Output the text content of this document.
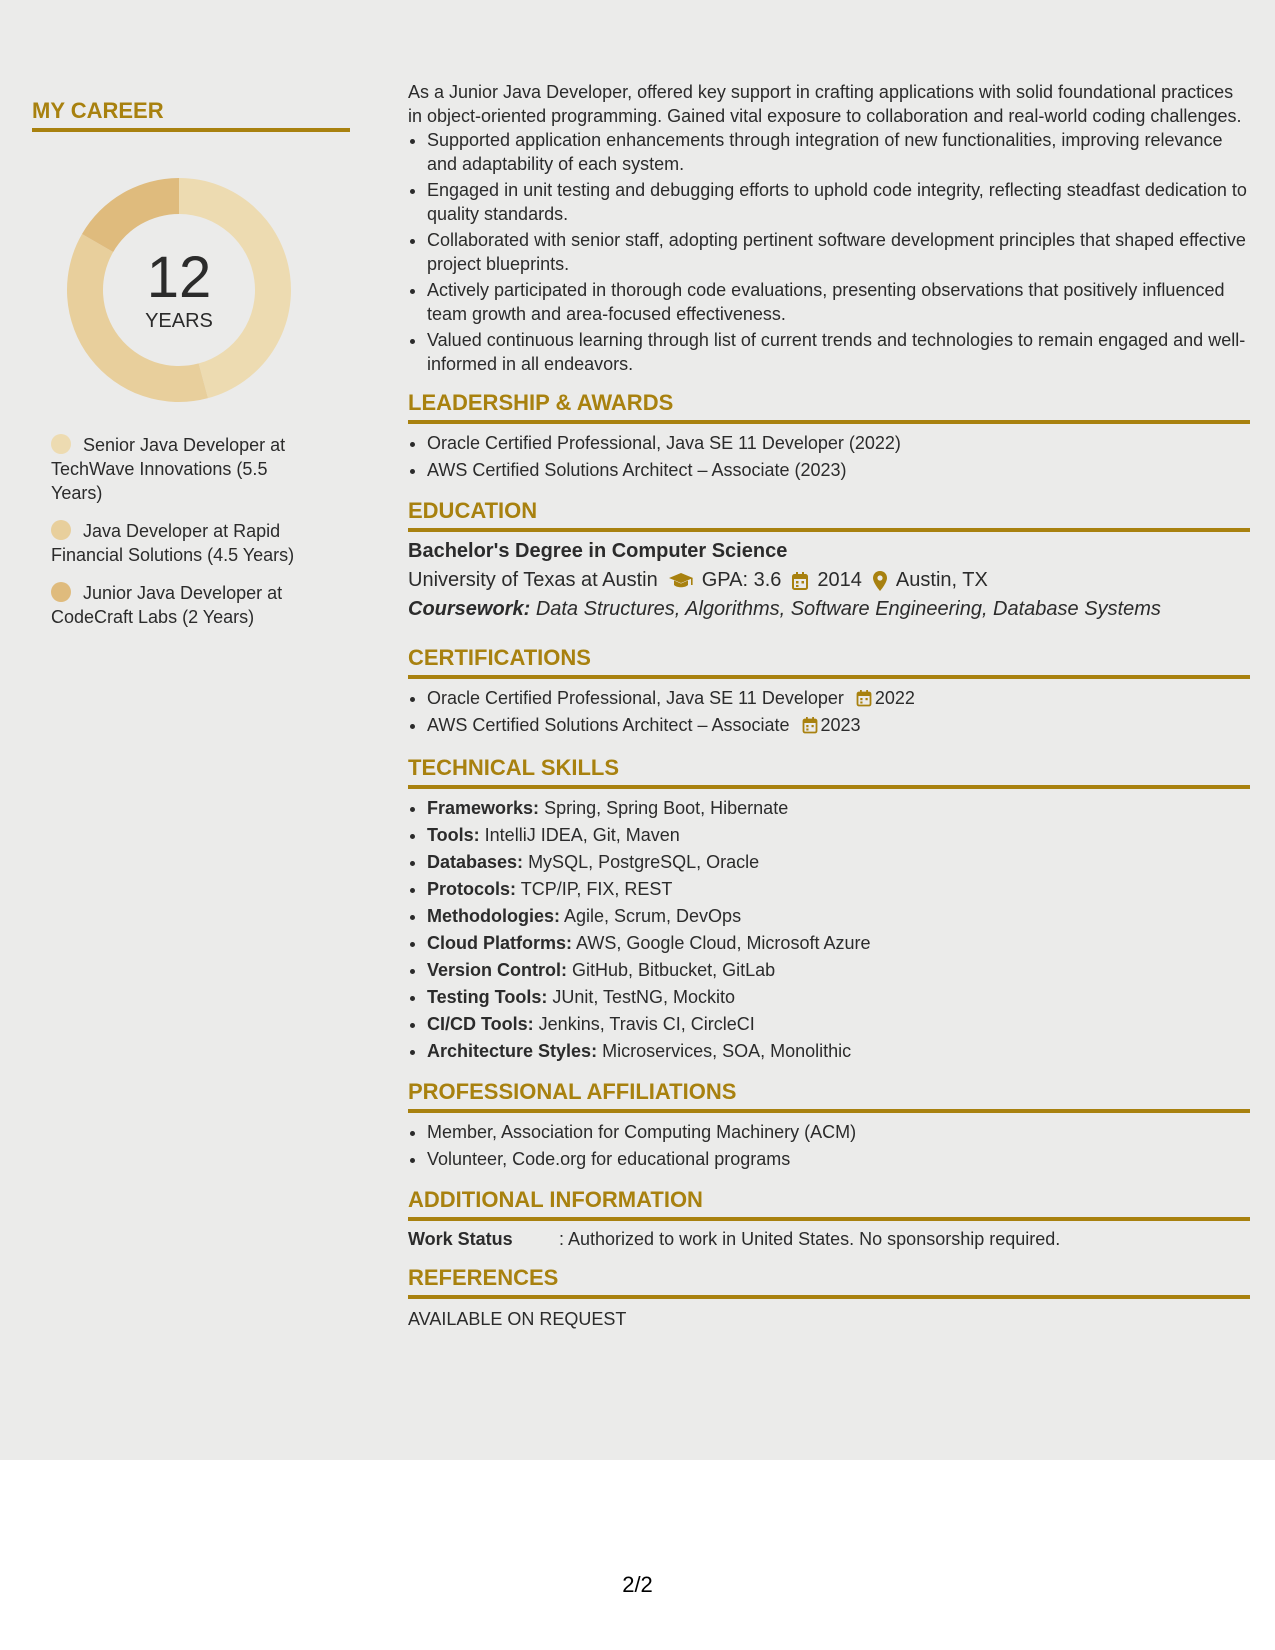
MY CAREER
12
YEARS
Senior Java Developer at TechWave Innovations (5.5 Years)
Java Developer at Rapid Financial Solutions (4.5 Years)
Junior Java Developer at CodeCraft Labs (2 Years)

As a Junior Java Developer, offered key support in crafting applications with solid foundational practices in object-oriented programming. Gained vital exposure to collaboration and real-world coding challenges.

• Supported application enhancements through integration of new functionalities, improving relevance and adaptability of each system.
• Engaged in unit testing and debugging efforts to uphold code integrity, reflecting steadfast dedication to quality standards.
• Collaborated with senior staff, adopting pertinent software development principles that shaped effective project blueprints.
• Actively participated in thorough code evaluations, presenting observations that positively influenced team growth and area-focused effectiveness.
• Valued continuous learning through list of current trends and technologies to remain engaged and well-informed in all endeavors.
LEADERSHIP & AWARDS
• Oracle Certified Professional, Java SE 11 Developer (2022)
• AWS Certified Solutions Architect – Associate (2023)
EDUCATION
Bachelor's Degree in Computer Science
University of Texas at Austin GPA: 3.6 2014 Austin, TX
Coursework: Data Structures, Algorithms, Software Engineering, Database Systems
CERTIFICATIONS
• Oracle Certified Professional, Java SE 11 Developer 2022
• AWS Certified Solutions Architect – Associate 2023
TECHNICAL SKILLS
• Frameworks: Spring, Spring Boot, Hibernate
• Tools: IntelliJ IDEA, Git, Maven
• Databases: MySQL, PostgreSQL, Oracle
• Protocols: TCP/IP, FIX, REST
• Methodologies: Agile, Scrum, DevOps
• Cloud Platforms: AWS, Google Cloud, Microsoft Azure
• Version Control: GitHub, Bitbucket, GitLab
• Testing Tools: JUnit, TestNG, Mockito
• CI/CD Tools: Jenkins, Travis CI, CircleCI
• Architecture Styles: Microservices, SOA, Monolithic
PROFESSIONAL AFFILIATIONS
• Member, Association for Computing Machinery (ACM)
• Volunteer, Code.org for educational programs
ADDITIONAL INFORMATION
Work Status	: Authorized to work in United States. No sponsorship required.
REFERENCES
AVAILABLE ON REQUEST
2/2
